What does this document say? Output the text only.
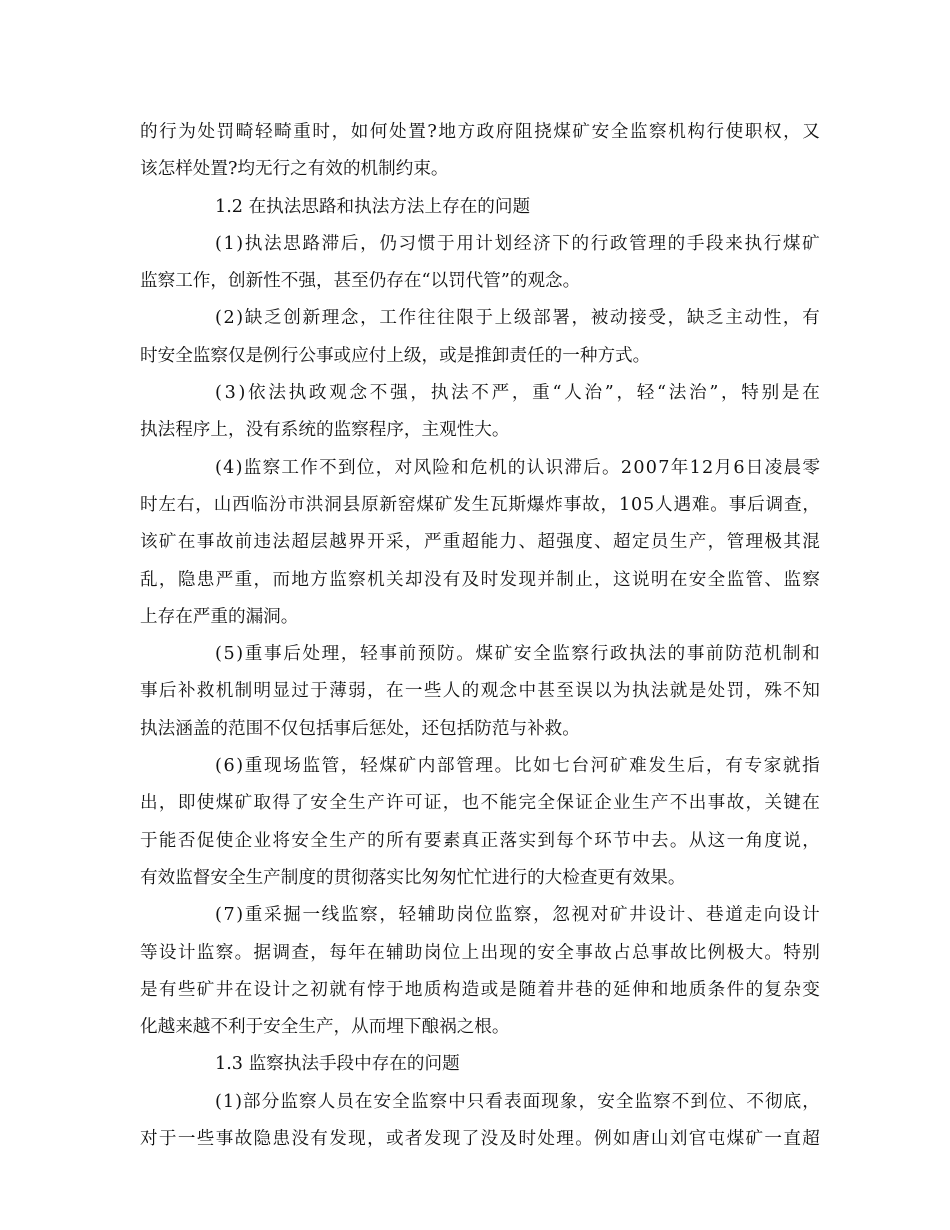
的 行 为 处 罚 畸 轻 畸 重 时 ， 如 何 处 置 ? 地 方 政 府 阻 挠 煤 矿 安 全 监 察 机 构 行 使 职 权 ， 又
该怎样处置?均无行之有效的机制约束。
1.2 在执法思路和执法方法上存在的问题
( 1 ) 执 法 思 路 滞 后 ， 仍 习 惯 于 用 计 划 经 济 下 的 行 政 管 理 的 手 段 来 执 行 煤 矿
监察工作，创新性不强，甚至仍存在“以罚代管”的观念。
( 2 ) 缺 乏 创 新 理 念 ， 工 作 往 往 限 于 上 级 部 署 ， 被 动 接 受 ， 缺 乏 主 动 性 ， 有
时安全监察仅是例行公事或应付上级，或是推卸责任的一种方式。
( 3 ) 依 法 执 政 观 念 不 强 ， 执 法 不 严 ， 重 “ 人 治 ” ， 轻 “ 法 治 ” ， 特 别 是 在
执法程序上，没有系统的监察程序，主观性大。
( 4 ) 监 察 工 作 不 到 位 ， 对 风 险 和 危 机 的 认 识 滞 后 。 2 0 0 7 年 1 2 月 6 日 凌 晨 零
时 左 右 ， 山 西 临 汾 市 洪 洞 县 原 新 窑 煤 矿 发 生 瓦 斯 爆 炸 事 故 ， 1 0 5 人 遇 难 。 事 后 调 查 ，
该 矿 在 事 故 前 违 法 超 层 越 界 开 采 ， 严 重 超 能 力 、 超 强 度 、 超 定 员 生 产 ， 管 理 极 其 混
乱 ， 隐 患 严 重 ， 而 地 方 监 察 机 关 却 没 有 及 时 发 现 并 制 止 ， 这 说 明 在 安 全 监 管 、 监 察
上存在严重的漏洞。
( 5 ) 重 事 后 处 理 ， 轻 事 前 预 防 。 煤 矿 安 全 监 察 行 政 执 法 的 事 前 防 范 机 制 和
事 后 补 救 机 制 明 显 过 于 薄 弱 ， 在 一 些 人 的 观 念 中 甚 至 误 以 为 执 法 就 是 处 罚 ， 殊 不 知
执法涵盖的范围不仅包括事后惩处，还包括防范与补救。
( 6 ) 重 现 场 监 管 ， 轻 煤 矿 内 部 管 理 。 比 如 七 台 河 矿 难 发 生 后 ， 有 专 家 就 指
出 ， 即 使 煤 矿 取 得 了 安 全 生 产 许 可 证 ， 也 不 能 完 全 保 证 企 业 生 产 不 出 事 故 ， 关 键 在
于 能 否 促 使 企 业 将 安 全 生 产 的 所 有 要 素 真 正 落 实 到 每 个 环 节 中 去 。 从 这 一 角 度 说 ，
有效监督安全生产制度的贯彻落实比匆匆忙忙进行的大检查更有效果。
( 7 ) 重 采 掘 一 线 监 察 ， 轻 辅 助 岗 位 监 察 ， 忽 视 对 矿 井 设 计 、 巷 道 走 向 设 计
等 设 计 监 察 。 据 调 查 ， 每 年 在 辅 助 岗 位 上 出 现 的 安 全 事 故 占 总 事 故 比 例 极 大 。 特 别
是 有 些 矿 井 在 设 计 之 初 就 有 悖 于 地 质 构 造 或 是 随 着 井 巷 的 延 伸 和 地 质 条 件 的 复 杂 变
化越来越不利于安全生产，从而埋下酿祸之根。
1.3 监察执法手段中存在的问题
( 1 ) 部 分 监 察 人 员 在 安 全 监 察 中 只 看 表 面 现 象 ， 安 全 监 察 不 到 位 、 不 彻 底 ，
对 于 一 些 事 故 隐 患 没 有 发 现 ， 或 者 发 现 了 没 及 时 处 理 。 例 如 唐 山 刘 官 屯 煤 矿 一 直 超
